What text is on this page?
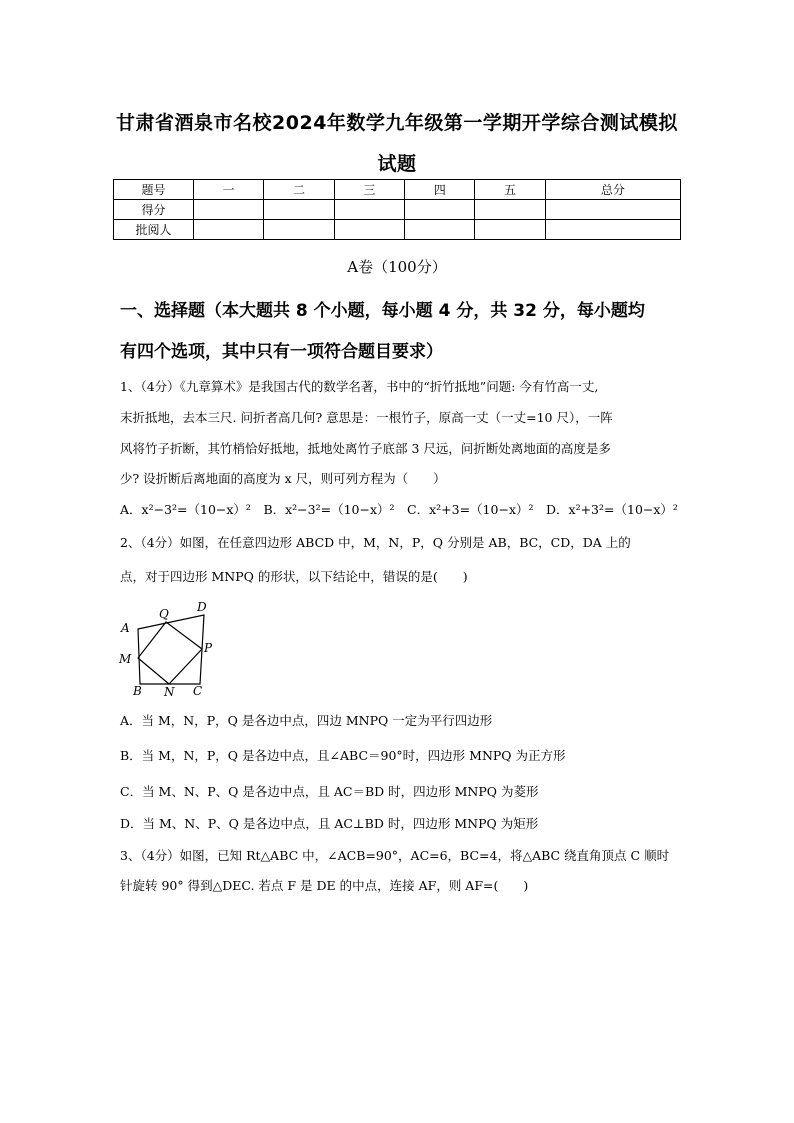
甘肃省酒泉市名校2024年数学九年级第一学期开学综合测试模拟
试题
题号	一	二	三	四	五	总分
得分						
批阅人						
A卷（100分）
一、选择题（本大题共 8 个小题，每小题 4 分，共 32 分，每小题均
有四个选项，其中只有一项符合题目要求）
1、（4分）《九章算术》是我国古代的数学名著，书中的“折竹抵地”问题: 今有竹高一丈,
末折抵地，去本三尺. 问折者高几何? 意思是：一根竹子，原高一丈（一丈=10 尺），一阵
风将竹子折断，其竹梢恰好抵地，抵地处离竹子底部 3 尺远，问折断处离地面的高度是多
少? 设折断后离地面的高度为 x 尺，则可列方程为（　　）
A．x²−3²=（10−x）²　B．x²−3²=（10−x）²　C．x²+3=（10−x）²　D．x²+3²=（10−x）²
2、（4分）如图，在任意四边形 ABCD 中，M，N，P，Q 分别是 AB，BC，CD，DA 上的
点，对于四边形 MNPQ 的形状，以下结论中，错误的是(　　)
A
B	C
D
M
N
P
Q
A．当 M，N，P，Q 是各边中点，四边 MNPQ 一定为平行四边形
B．当 M，N，P，Q 是各边中点，且∠ABC＝90°时，四边形 MNPQ 为正方形
C．当 M、N、P、Q 是各边中点，且 AC＝BD 时，四边形 MNPQ 为菱形
D．当 M、N、P、Q 是各边中点，且 AC⊥BD 时，四边形 MNPQ 为矩形
3、（4分）如图，已知 Rt△ABC 中，∠ACB=90°，AC=6，BC=4，将△ABC 绕直角顶点 C 顺时
针旋转 90° 得到△DEC. 若点 F 是 DE 的中点，连接 AF，则 AF=(　　)
